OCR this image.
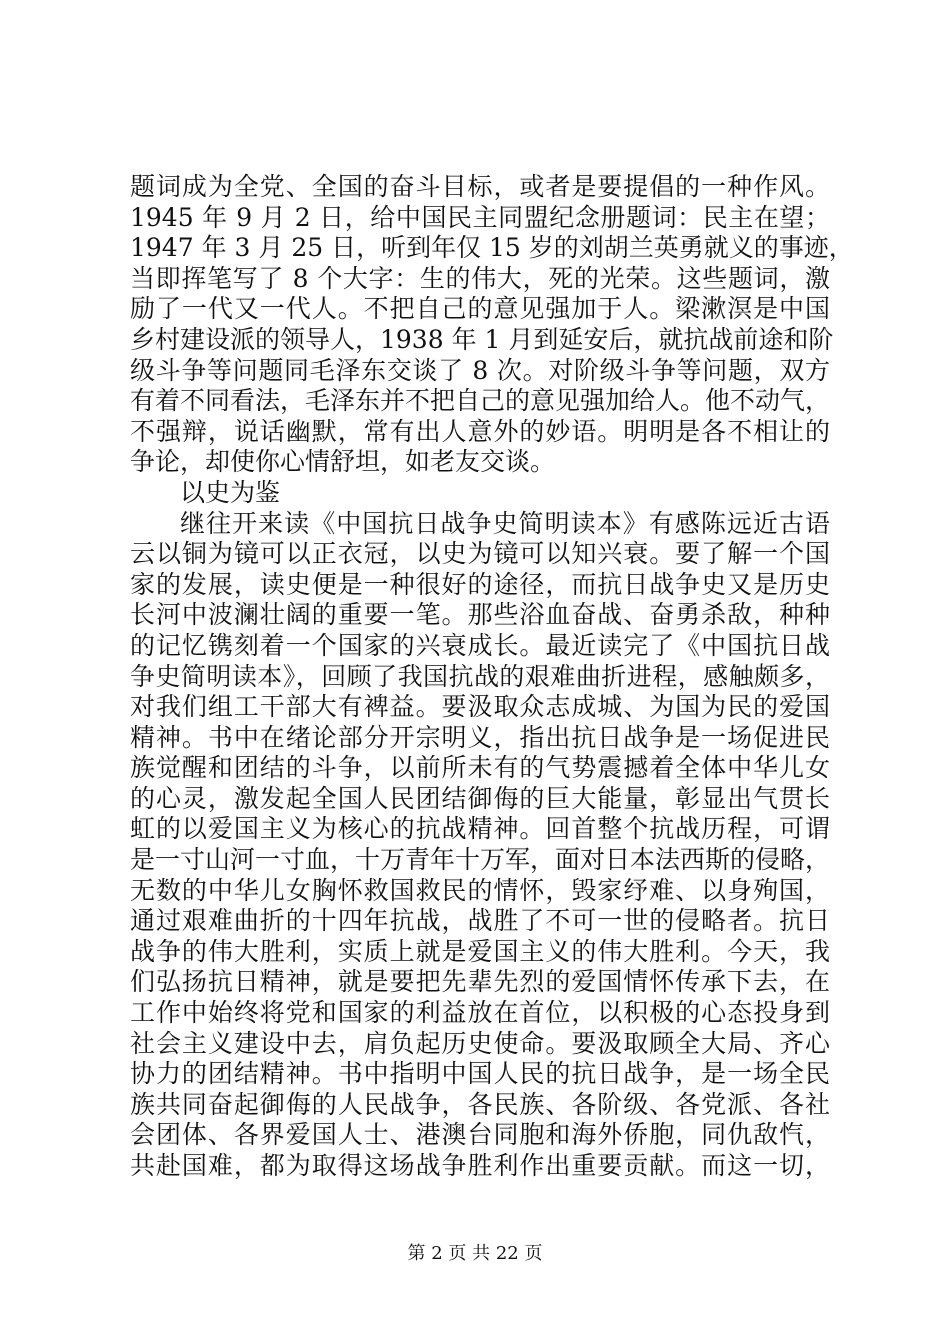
题词成为全党、全国的奋斗目标，或者是要提倡的一种作风。
1945 年 9 月 2 日，给中国民主同盟纪念册题词：民主在望；
1947 年 3 月 25 日，听到年仅 15 岁的刘胡兰英勇就义的事迹，
当即挥笔写了 8 个大字：生的伟大，死的光荣。这些题词，激
励了一代又一代人。不把自己的意见强加于人。梁漱溟是中国
乡村建设派的领导人，1938 年 1 月到延安后，就抗战前途和阶
级斗争等问题同毛泽东交谈了 8 次。对阶级斗争等问题，双方
有着不同看法，毛泽东并不把自己的意见强加给人。他不动气，
不强辩，说话幽默，常有出人意外的妙语。明明是各不相让的
争论，却使你心情舒坦，如老友交谈。
以史为鉴
继往开来读《中国抗日战争史简明读本》有感陈远近古语
云以铜为镜可以正衣冠，以史为镜可以知兴衰。要了解一个国
家的发展，读史便是一种很好的途径，而抗日战争史又是历史
长河中波澜壮阔的重要一笔。那些浴血奋战、奋勇杀敌，种种
的记忆镌刻着一个国家的兴衰成长。最近读完了《中国抗日战
争史简明读本》，回顾了我国抗战的艰难曲折进程，感触颇多，
对我们组工干部大有裨益。要汲取众志成城、为国为民的爱国
精神。书中在绪论部分开宗明义，指出抗日战争是一场促进民
族觉醒和团结的斗争，以前所未有的气势震撼着全体中华儿女
的心灵，激发起全国人民团结御侮的巨大能量，彰显出气贯长
虹的以爱国主义为核心的抗战精神。回首整个抗战历程，可谓
是一寸山河一寸血，十万青年十万军，面对日本法西斯的侵略，
无数的中华儿女胸怀救国救民的情怀，毁家纾难、以身殉国，
通过艰难曲折的十四年抗战，战胜了不可一世的侵略者。抗日
战争的伟大胜利，实质上就是爱国主义的伟大胜利。今天，我
们弘扬抗日精神，就是要把先辈先烈的爱国情怀传承下去，在
工作中始终将党和国家的利益放在首位，以积极的心态投身到
社会主义建设中去，肩负起历史使命。要汲取顾全大局、齐心
协力的团结精神。书中指明中国人民的抗日战争，是一场全民
族共同奋起御侮的人民战争，各民族、各阶级、各党派、各社
会团体、各界爱国人士、港澳台同胞和海外侨胞，同仇敌忾，
共赴国难，都为取得这场战争胜利作出重要贡献。而这一切，
第 2 页 共 22 页
